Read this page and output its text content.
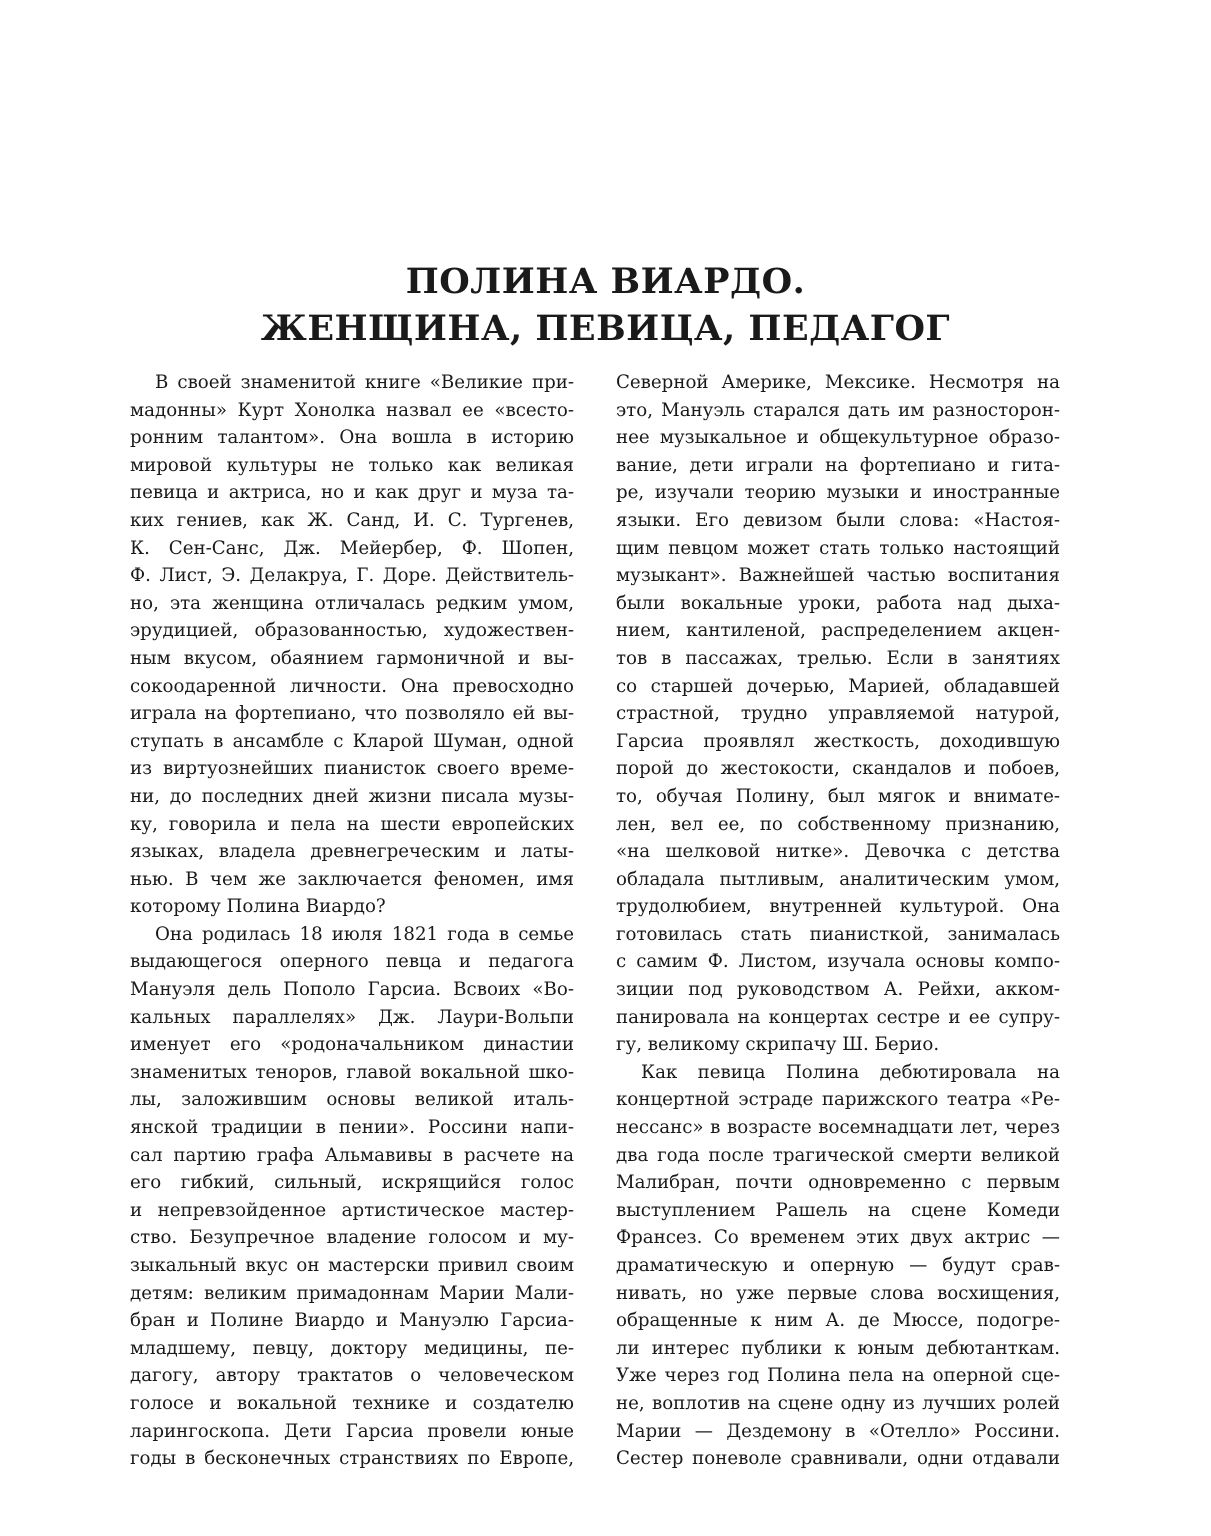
ПОЛИНА ВИАРДО.
ЖЕНЩИНА, ПЕВИЦА, ПЕДАГОГ
В своей знаменитой книге «Великие при-
мадонны» Курт Хонолка назвал ее «всесто-
ронним талантом». Она вошла в историю
мировой культуры не только как великая
певица и актриса, но и как друг и муза та-
ких гениев, как Ж. Санд, И. С. Тургенев,
К. Сен-Санс, Дж. Мейербер, Ф. Шопен,
Ф. Лист, Э. Делакруа, Г. Доре. Действитель-
но, эта женщина отличалась редким умом,
эрудицией, образованностью, художествен-
ным вкусом, обаянием гармоничной и вы-
сокоодаренной личности. Она превосходно
играла на фортепиано, что позволяло ей вы-
ступать в ансамбле с Кларой Шуман, одной
из виртуознейших пианисток своего време-
ни, до последних дней жизни писала музы-
ку, говорила и пела на шести европейских
языках, владела древнегреческим и латы-
нью. В чем же заключается феномен, имя
которому Полина Виардо?
Она родилась 18 июля 1821 года в семье
выдающегося оперного певца и педагога
Мануэля дель Пополо Гарсиа. Всвоих «Во-
кальных параллелях» Дж. Лаури-Вольпи
именует его «родоначальником династии
знаменитых теноров, главой вокальной шко-
лы, заложившим основы великой италь-
янской традиции в пении». Россини напи-
сал партию графа Альмавивы в расчете на
его гибкий, сильный, искрящийся голос
и непревзойденное артистическое мастер-
ство. Безупречное владение голосом и му-
зыкальный вкус он мастерски привил своим
детям: великим примадоннам Марии Мали-
бран и Полине Виардо и Мануэлю Гарсиа-
младшему, певцу, доктору медицины, пе-
дагогу, автору трактатов о человеческом
голосе и вокальной технике и создателю
ларингоскопа. Дети Гарсиа провели юные
годы в бесконечных странствиях по Европе,
Северной Америке, Мексике. Несмотря на
это, Мануэль старался дать им разносторон-
нее музыкальное и общекультурное образо-
вание, дети играли на фортепиано и гита-
ре, изучали теорию музыки и иностранные
языки. Его девизом были слова: «Настоя-
щим певцом может стать только настоящий
музыкант». Важнейшей частью воспитания
были вокальные уроки, работа над дыха-
нием, кантиленой, распределением акцен-
тов в пассажах, трелью. Если в занятиях
со старшей дочерью, Марией, обладавшей
страстной, трудно управляемой натурой,
Гарсиа проявлял жесткость, доходившую
порой до жестокости, скандалов и побоев,
то, обучая Полину, был мягок и внимате-
лен, вел ее, по собственному признанию,
«на шелковой нитке». Девочка с детства
обладала пытливым, аналитическим умом,
трудолюбием, внутренней культурой. Она
готовилась стать пианисткой, занималась
с самим Ф. Листом, изучала основы компо-
зиции под руководством А. Рейхи, акком-
панировала на концертах сестре и ее супру-
гу, великому скрипачу Ш. Берио.
Как певица Полина дебютировала на
концертной эстраде парижского театра «Ре-
нессанс» в возрасте восемнадцати лет, через
два года после трагической смерти великой
Малибран, почти одновременно с первым
выступлением Рашель на сцене Комеди
Франсез. Со временем этих двух актрис —
драматическую и оперную — будут срав-
нивать, но уже первые слова восхищения,
обращенные к ним А. де Мюссе, подогре-
ли интерес публики к юным дебютанткам.
Уже через год Полина пела на оперной сце-
не, воплотив на сцене одну из лучших ролей
Марии — Дездемону в «Отелло» Россини.
Сестер поневоле сравнивали, одни отдавали
